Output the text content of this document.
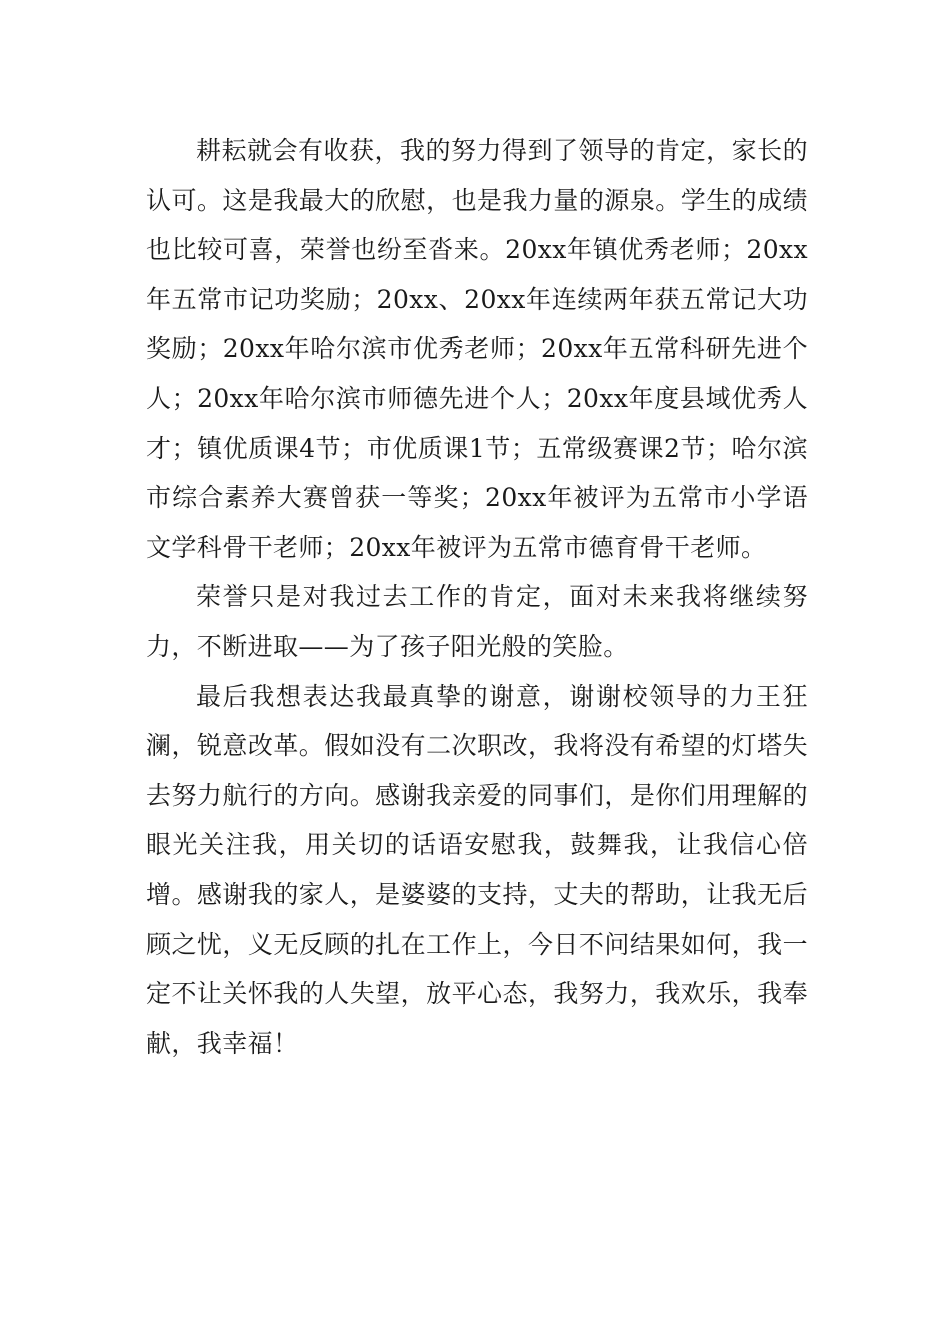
耕耘就会有收获，我的努力得到了领导的肯定，家长的认可。这是我最大的欣慰，也是我力量的源泉。学生的成绩也比较可喜，荣誉也纷至沓来。20xx年镇优秀老师；20xx年五常市记功奖励；20xx、20xx年连续两年获五常记大功奖励；20xx年哈尔滨市优秀老师；20xx年五常科研先进个人；20xx年哈尔滨市师德先进个人；20xx年度县域优秀人才；镇优质课4节；市优质课1节；五常级赛课2节；哈尔滨市综合素养大赛曾获一等奖；20xx年被评为五常市小学语文学科骨干老师；20xx年被评为五常市德育骨干老师。

荣誉只是对我过去工作的肯定，面对未来我将继续努力，不断进取——为了孩子阳光般的笑脸。

最后我想表达我最真挚的谢意，谢谢校领导的力王狂澜，锐意改革。假如没有二次职改，我将没有希望的灯塔失去努力航行的方向。感谢我亲爱的同事们，是你们用理解的眼光关注我，用关切的话语安慰我，鼓舞我，让我信心倍增。感谢我的家人，是婆婆的支持，丈夫的帮助，让我无后顾之忧，义无反顾的扎在工作上，今日不问结果如何，我一定不让关怀我的人失望，放平心态，我努力，我欢乐，我奉献，我幸福！
